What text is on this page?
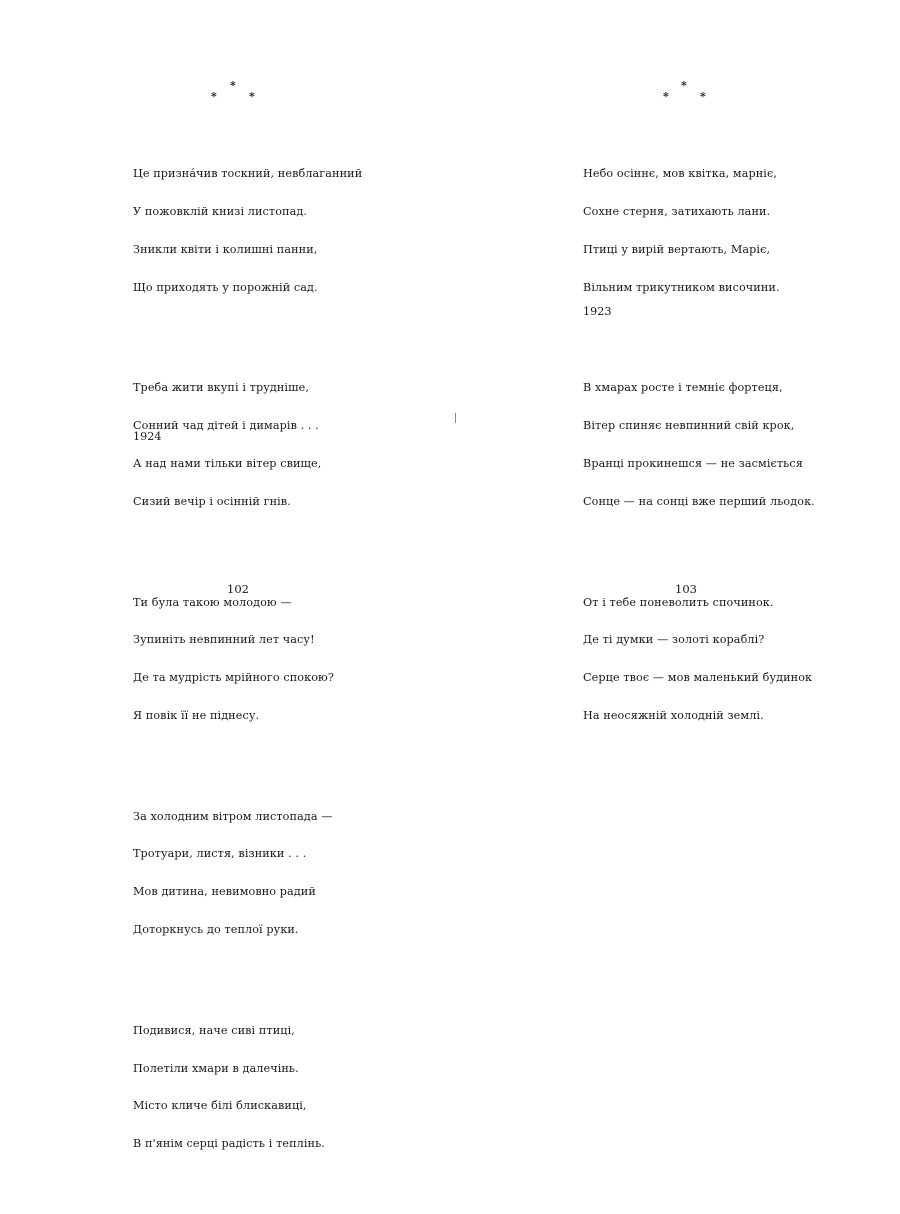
*
*	*

Це призна́чив тоскний, невблаганний

У пожовклій книзі листопад.

Зникли квіти і колишні панни,

Що приходять у порожній сад.

Треба жити вкупі і трудніше,

Сонний чад дітей і димарів . . .

А над нами тільки вітер свище,

Сизий вечір і осінній гнів.

Ти була такою молодою —

Зупиніть невпинний лет часу!

Де та мудрість мрійного спокою?

Я повік її не піднесу.

За холодним вітром листопада —

Тротуари, листя, візники . . .

Мов дитина, невимовно радий

Доторкнусь до теплої руки.

Подивися, наче сиві птиці,

Полетіли хмари в далечінь.

Місто кличе білі блискавиці,

В п'янім серці радість і теплінь.

1924
102
*
*	*

Небо осіннє, мов квітка, марніє,

Сохне стерня, затихають лани.

Птиці у вирій вертають, Маріє,

Вільним трикутником височини.

В хмарах росте і темніє фортеця,

Вітер спиняє невпинний свій крок,

Вранці прокинешся — не засміється

Сонце — на сонці вже перший льодок.

От і тебе поневолить спочинок.

Де ті думки — золоті кораблі?

Серце твоє — мов маленький будинок

На неосяжній холодній землі.

1923
103
